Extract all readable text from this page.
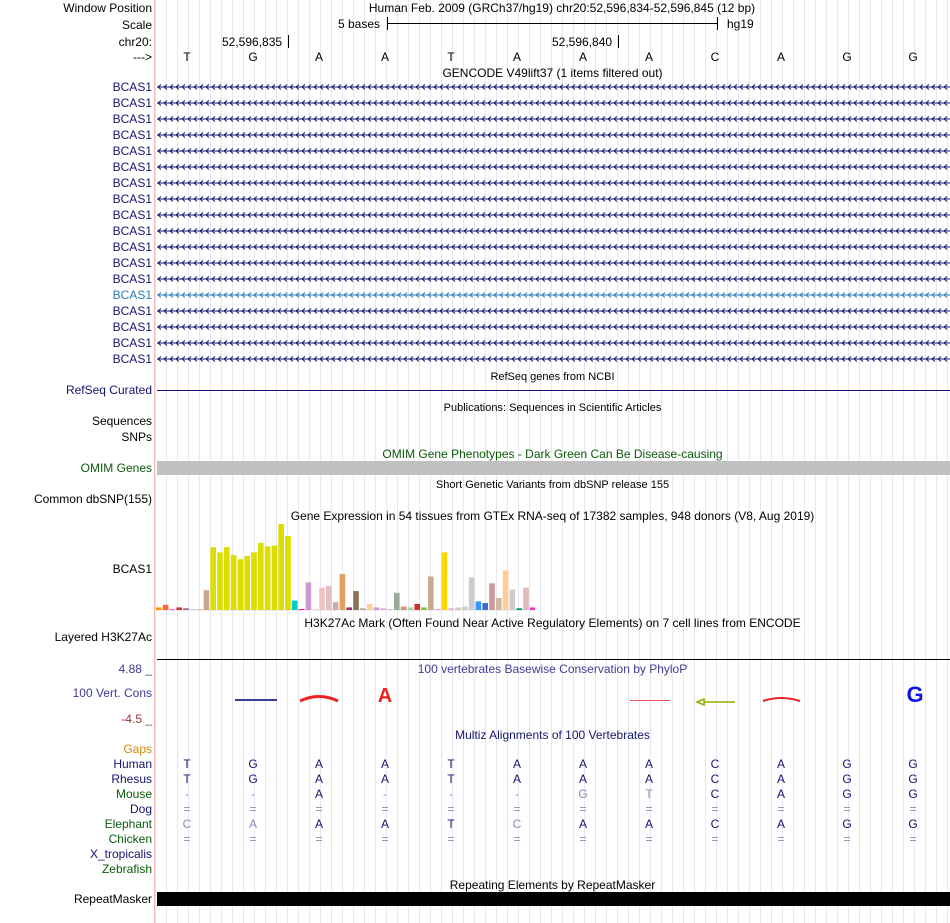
Window Position	Human Feb. 2009 (GRCh37/hg19) chr20:52,596,834-52,596,845 (12 bp)
Scale	5 bases	hg19
chr20:	52,596,835	52,596,840
--->	T	G	A	A	T	A	A	A	C	A	G	G
GENCODE V49lift37 (1 items filtered out)
BCAS1
BCAS1
BCAS1
BCAS1
BCAS1
BCAS1
BCAS1
BCAS1
BCAS1
BCAS1
BCAS1
BCAS1
BCAS1
BCAS1
BCAS1
BCAS1
BCAS1
BCAS1
RefSeq genes from NCBI
RefSeq Curated
Publications: Sequences in Scientific Articles
Sequences
SNPs
OMIM Gene Phenotypes - Dark Green Can Be Disease-causing
OMIM Genes
Short Genetic Variants from dbSNP release 155
Common dbSNP(155)
Gene Expression in 54 tissues from GTEx RNA-seq of 17382 samples, 948 donors (V8, Aug 2019)
BCAS1
H3K27Ac Mark (Often Found Near Active Regulatory Elements) on 7 cell lines from ENCODE
Layered H3K27Ac
100 vertebrates Basewise Conservation by PhyloP
4.88 _
100 Vert. Cons
-4.5 _
A	G
Multiz Alignments of 100 Vertebrates
Gaps
Human	T	G	A	A	T	A	A	A	C	A	G	G
Rhesus	T	G	A	A	T	A	A	A	C	A	G	G
Mouse	-	-	A	-	-	-	G	T	C	A	G	G
Dog	=	=	=	=	=	=	=	=	=	=	=	=
Elephant	C	A	A	A	T	C	A	A	C	A	G	G
Chicken	=	=	=	=	=	=	=	=	=	=	=	=
X_tropicalis
Zebrafish
Repeating Elements by RepeatMasker
RepeatMasker
